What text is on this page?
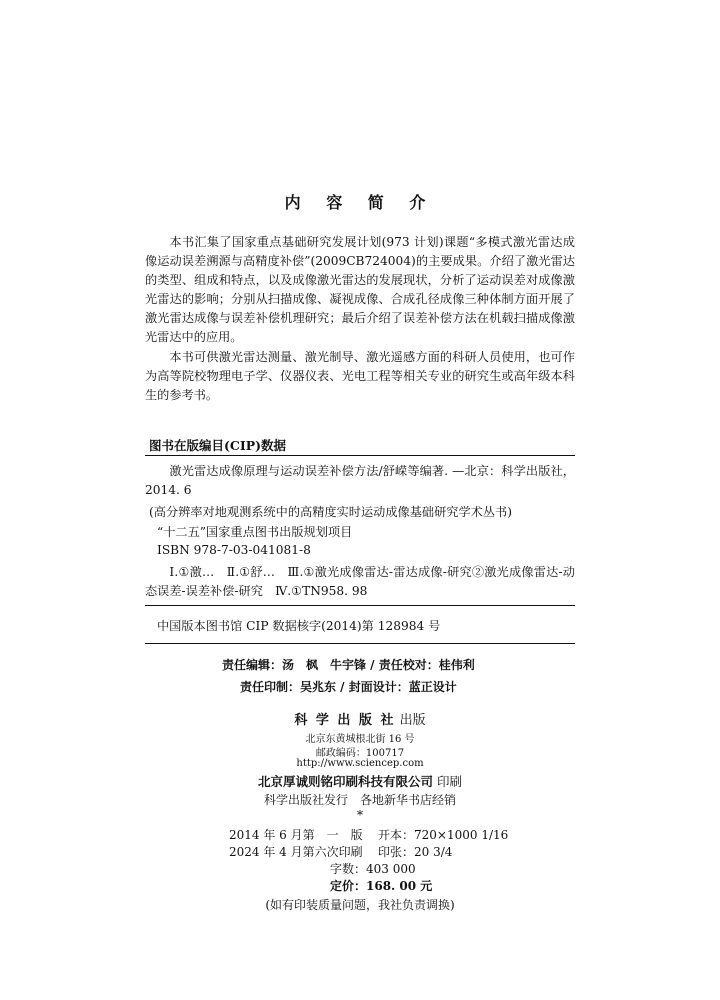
内 容 简 介
本书汇集了国家重点基础研究发展计划(973 计划)课题“多模式激光雷达成像运动误差溯源与高精度补偿”(2009CB724004)的主要成果。介绍了激光雷达的类型、组成和特点，以及成像激光雷达的发展现状，分析了运动误差对成像激光雷达的影响；分别从扫描成像、凝视成像、合成孔径成像三种体制方面开展了激光雷达成像与误差补偿机理研究；最后介绍了误差补偿方法在机载扫描成像激光雷达中的应用。
本书可供激光雷达测量、激光制导、激光遥感方面的科研人员使用，也可作为高等院校物理电子学、仪器仪表、光电工程等相关专业的研究生或高年级本科生的参考书。
图书在版编目(CIP)数据
激光雷达成像原理与运动误差补偿方法/舒嵘等编著. —北京：科学出版社，2014. 6
(高分辨率对地观测系统中的高精度实时运动成像基础研究学术丛书)
“十二五”国家重点图书出版规划项目
ISBN 978-7-03-041081-8
Ⅰ.①激…　Ⅱ.①舒…　Ⅲ.①激光成像雷达-雷达成像-研究②激光成像雷达-动态误差-误差补偿-研究　Ⅳ.①TN958. 98
中国版本图书馆 CIP 数据核字(2014)第 128984 号
责任编辑：汤　枫　牛宇锋 / 责任校对：桂伟利
责任印制：吴兆东 / 封面设计：蓝正设计
科 学 出 版 社 出版
北京东黄城根北街 16 号
邮政编码：100717
http://www.sciencep.com
北京厚诚则铭印刷科技有限公司 印刷
科学出版社发行　各地新华书店经销
*
2014 年 6 月第　一　版 开本：720×1000 1/16
2024 年 4 月第六次印刷 印张：20 3/4
字数：403 000
定价：168. 00 元
(如有印装质量问题，我社负责调换)
